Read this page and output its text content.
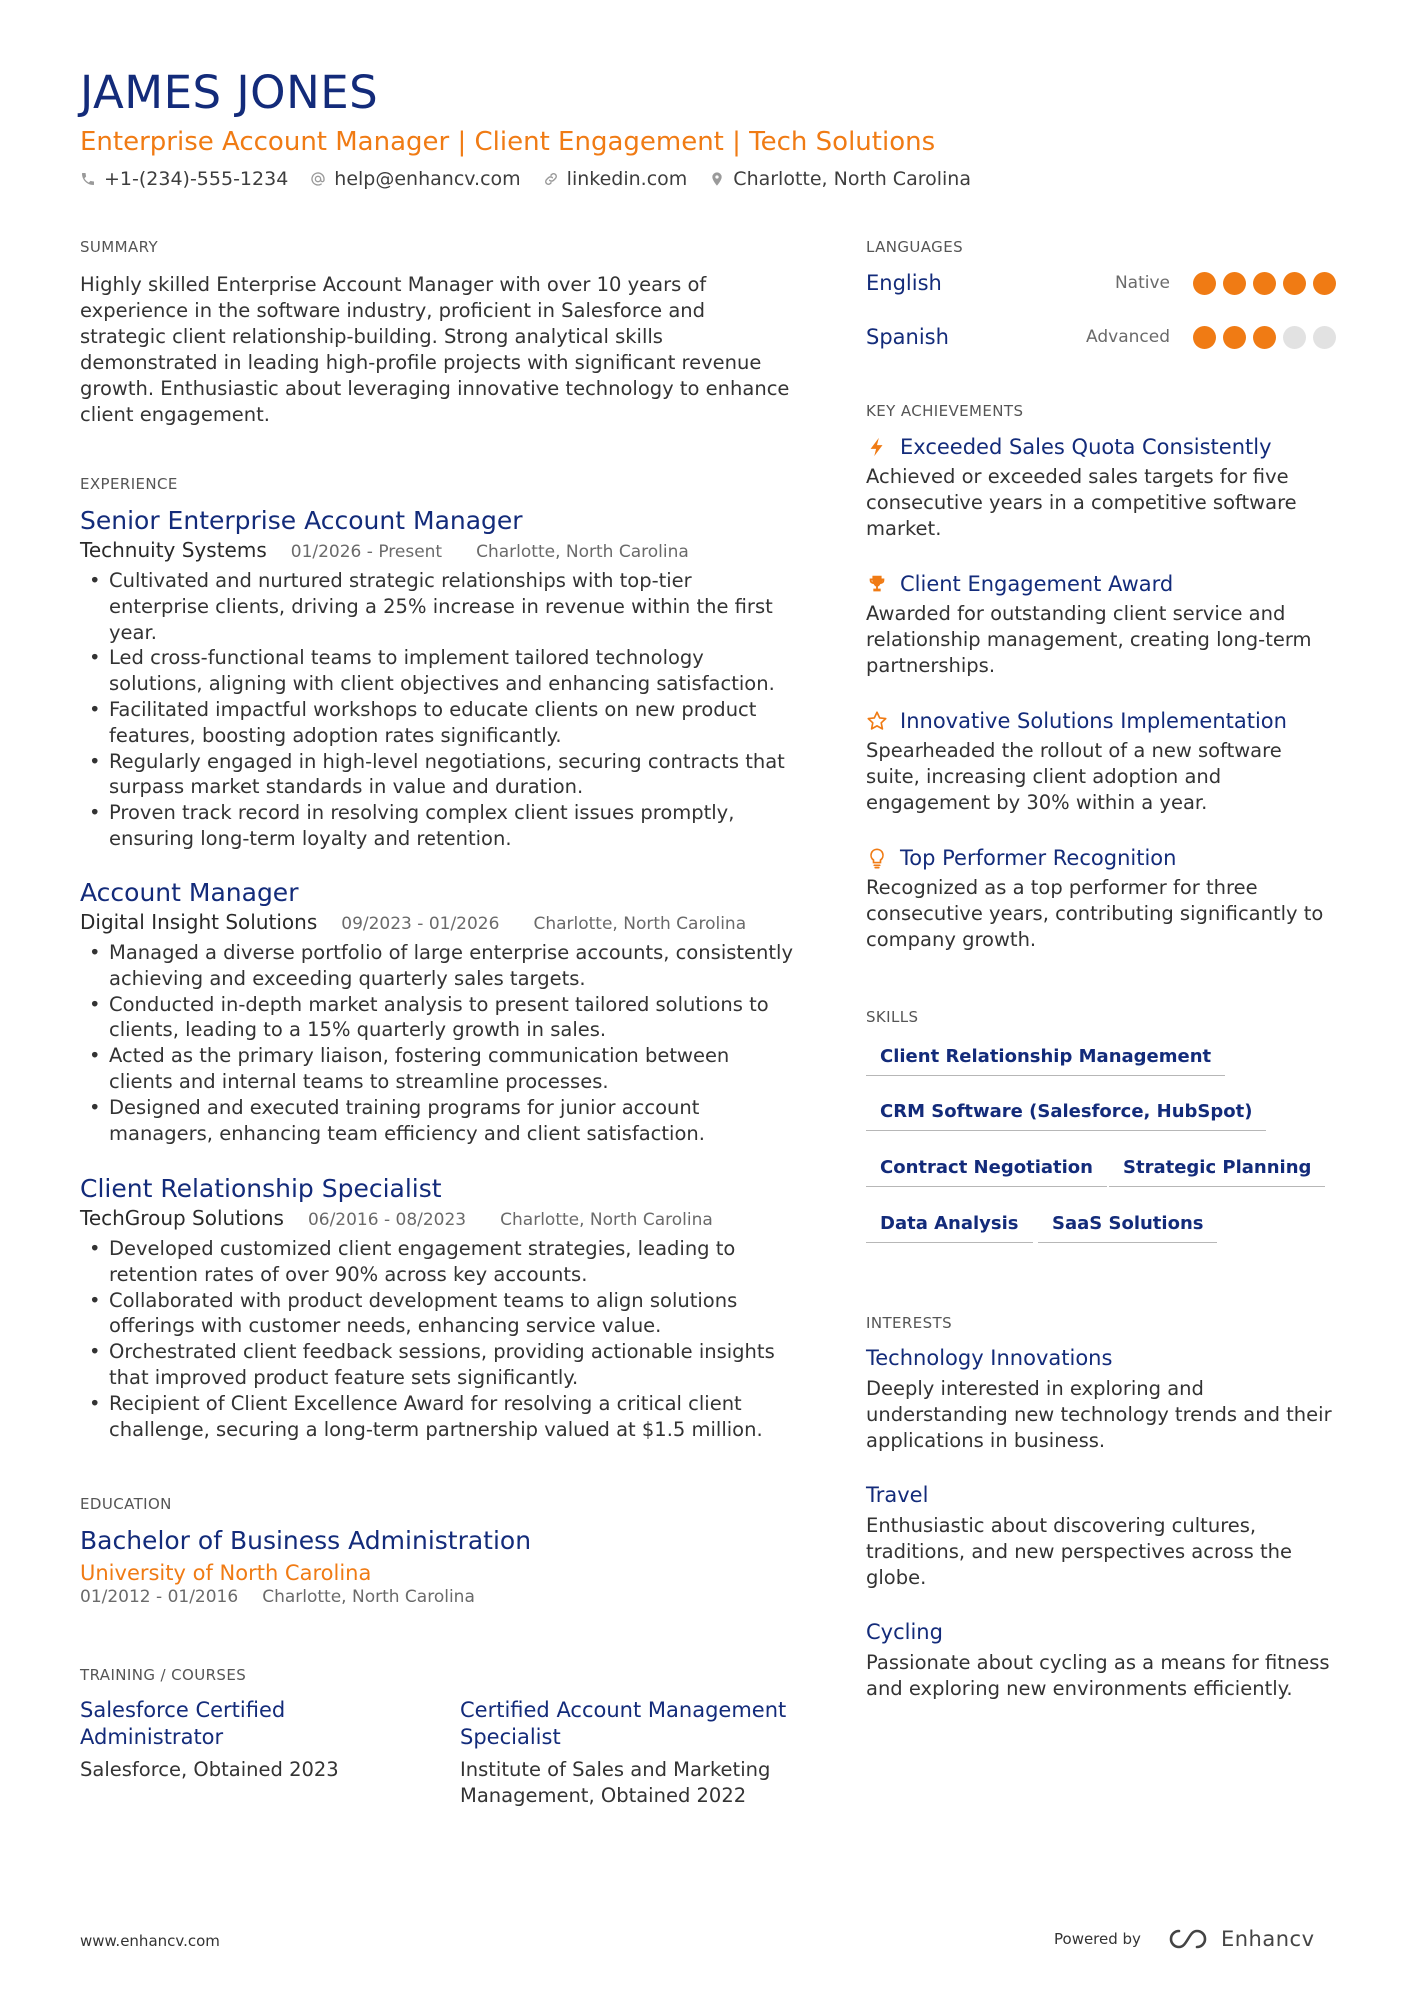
JAMES JONES
Enterprise Account Manager | Client Engagement | Tech Solutions
+1-(234)-555-1234 help@enhancv.com linkedin.com Charlotte, North Carolina
SUMMARY
Highly skilled Enterprise Account Manager with over 10 years of experience in the software industry, proficient in Salesforce and strategic client relationship-building. Strong analytical skills demonstrated in leading high-profile projects with significant revenue growth. Enthusiastic about leveraging innovative technology to enhance client engagement.
EXPERIENCE
Senior Enterprise Account Manager
Technuity Systems 01/2026 - Present Charlotte, North Carolina
• Cultivated and nurtured strategic relationships with top-tier enterprise clients, driving a 25% increase in revenue within the first year.
• Led cross-functional teams to implement tailored technology solutions, aligning with client objectives and enhancing satisfaction.
• Facilitated impactful workshops to educate clients on new product features, boosting adoption rates significantly.
• Regularly engaged in high-level negotiations, securing contracts that surpass market standards in value and duration.
• Proven track record in resolving complex client issues promptly, ensuring long-term loyalty and retention.
Account Manager
Digital Insight Solutions 09/2023 - 01/2026 Charlotte, North Carolina
• Managed a diverse portfolio of large enterprise accounts, consistently achieving and exceeding quarterly sales targets.
• Conducted in-depth market analysis to present tailored solutions to clients, leading to a 15% quarterly growth in sales.
• Acted as the primary liaison, fostering communication between clients and internal teams to streamline processes.
• Designed and executed training programs for junior account managers, enhancing team efficiency and client satisfaction.
Client Relationship Specialist
TechGroup Solutions 06/2016 - 08/2023 Charlotte, North Carolina
• Developed customized client engagement strategies, leading to retention rates of over 90% across key accounts.
• Collaborated with product development teams to align solutions offerings with customer needs, enhancing service value.
• Orchestrated client feedback sessions, providing actionable insights that improved product feature sets significantly.
• Recipient of Client Excellence Award for resolving a critical client challenge, securing a long-term partnership valued at $1.5 million.
EDUCATION
Bachelor of Business Administration
University of North Carolina
01/2012 - 01/2016 Charlotte, North Carolina
TRAINING / COURSES
Salesforce Certified Administrator
Salesforce, Obtained 2023
Certified Account Management Specialist
Institute of Sales and Marketing Management, Obtained 2022
LANGUAGES
English	Native
Spanish	Advanced
KEY ACHIEVEMENTS
Exceeded Sales Quota Consistently
Achieved or exceeded sales targets for five consecutive years in a competitive software market.
Client Engagement Award
Awarded for outstanding client service and relationship management, creating long-term partnerships.
Innovative Solutions Implementation
Spearheaded the rollout of a new software suite, increasing client adoption and engagement by 30% within a year.
Top Performer Recognition
Recognized as a top performer for three consecutive years, contributing significantly to company growth.
SKILLS
Client Relationship Management
CRM Software (Salesforce, HubSpot)
Contract Negotiation	Strategic Planning
Data Analysis	SaaS Solutions
INTERESTS
Technology Innovations
Deeply interested in exploring and understanding new technology trends and their applications in business.
Travel
Enthusiastic about discovering cultures, traditions, and new perspectives across the globe.
Cycling
Passionate about cycling as a means for fitness and exploring new environments efficiently.
www.enhancv.com	Powered by	Enhancv
